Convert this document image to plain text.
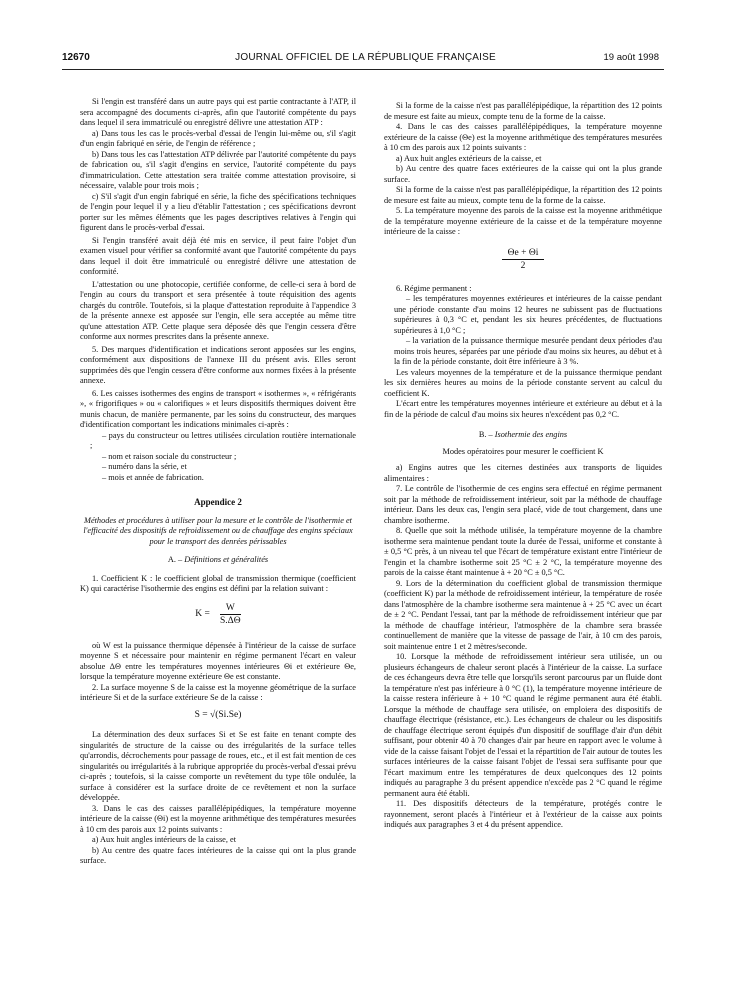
12670	JOURNAL OFFICIEL DE LA RÉPUBLIQUE FRANÇAISE	19 août 1998

Si l'engin est transféré dans un autre pays qui est partie contractante à l'ATP, il sera accompagné des documents ci-après, afin que l'autorité compétente du pays dans lequel il sera immatriculé ou enregistré délivre une attestation ATP :

a) Dans tous les cas le procès-verbal d'essai de l'engin lui-même ou, s'il s'agit d'un engin fabriqué en série, de l'engin de référence ;

b) Dans tous les cas l'attestation ATP délivrée par l'autorité compétente du pays de fabrication ou, s'il s'agit d'engins en service, l'autorité compétente du pays d'immatriculation. Cette attestation sera traitée comme attestation provisoire, si nécessaire, valable pour trois mois ;

c) S'il s'agit d'un engin fabriqué en série, la fiche des spécifications techniques de l'engin pour lequel il y a lieu d'établir l'attestation ; ces spécifications devront porter sur les mêmes éléments que les pages descriptives relatives à l'engin qui figurent dans le procès-verbal d'essai.

Si l'engin transféré avait déjà été mis en service, il peut faire l'objet d'un examen visuel pour vérifier sa conformité avant que l'autorité compétente du pays dans lequel il doit être immatriculé ou enregistré délivre une attestation de conformité.

L'attestation ou une photocopie, certifiée conforme, de celle-ci sera à bord de l'engin au cours du transport et sera présentée à toute réquisition des agents chargés du contrôle. Toutefois, si la plaque d'attestation reproduite à l'appendice 3 de la présente annexe est apposée sur l'engin, elle sera acceptée au même titre qu'une attestation ATP. Cette plaque sera déposée dès que l'engin cessera d'être conforme aux normes prescrites dans la présente annexe.

5. Des marques d'identification et indications seront apposées sur les engins, conformément aux dispositions de l'annexe III du présent avis. Elles seront supprimées dès que l'engin cessera d'être conforme aux normes fixées à la présente annexe.

6. Les caisses isothermes des engins de transport « isothermes », « réfrigérants », « frigorifiques » ou « calorifiques » et leurs dispositifs thermiques doivent être munis chacun, de manière permanente, par les soins du constructeur, des marques d'identification comportant les indications minimales ci-après :

– pays du constructeur ou lettres utilisées circulation routière internationale ;

– nom et raison sociale du constructeur ;

– numéro dans la série, et

– mois et année de fabrication.

Appendice 2
Méthodes et procédures à utiliser pour la mesure et le contrôle de l'isothermie et l'efficacité des dispositifs de refroidissement ou de chauffage des engins spéciaux pour le transport des denrées périssables
A. – Définitions et généralités

1. Coefficient K : le coefficient global de transmission thermique (coefficient K) qui caractérise l'isothermie des engins est défini par la relation suivant :

$K = \frac{W}{S.\Delta\Theta}$

où W est la puissance thermique dépensée à l'intérieur de la caisse de surface moyenne S et nécessaire pour maintenir en régime permanent l'écart en valeur absolue ΔΘ entre les températures moyennes intérieures Θi et extérieure Θe, lorsque la température moyenne extérieure Θe est constante.

2. La surface moyenne S de la caisse est la moyenne géométrique de la surface intérieure Si et de la surface extérieure Se de la caisse :

S = √(Si.Se)

La détermination des deux surfaces Si et Se est faite en tenant compte des singularités de structure de la caisse ou des irrégularités de la surface telles qu'arrondis, décrochements pour passage de roues, etc., et il est fait mention de ces singularités ou irrégularités à la rubrique appropriée du procès-verbal d'essai prévu ci-après ; toutefois, si la caisse comporte un revêtement du type tôle ondulée, la surface à considérer est la surface droite de ce revêtement et non la surface développée.

3. Dans le cas des caisses parallélépipédiques, la température moyenne intérieure de la caisse (Θi) est la moyenne arithmétique des températures mesurées à 10 cm des parois aux 12 points suivants :

a) Aux huit angles intérieurs de la caisse, et

b) Au centre des quatre faces intérieures de la caisse qui ont la plus grande surface.

Si la forme de la caisse n'est pas parallélépipédique, la répartition des 12 points de mesure est faite au mieux, compte tenu de la forme de la caisse.

4. Dans le cas des caisses parallélépipédiques, la température moyenne extérieure de la caisse (Θe) est la moyenne arithmétique des températures mesurées à 10 cm des parois aux 12 points suivants :

a) Aux huit angles extérieurs de la caisse, et

b) Au centre des quatre faces extérieures de la caisse qui ont la plus grande surface.

Si la forme de la caisse n'est pas parallélépipédique, la répartition des 12 points de mesure est faite au mieux, compte tenu de la forme de la caisse.

5. La température moyenne des parois de la caisse est la moyenne arithmétique de la température moyenne extérieure de la caisse et de la température moyenne intérieure de la caisse :

$\frac{\Theta e + \Theta i}{2}$

6. Régime permanent :

– les températures moyennes extérieures et intérieures de la caisse pendant une période constante d'au moins 12 heures ne subissent pas de fluctuations supérieures à 0,3 °C et, pendant les six heures précédentes, de fluctuations supérieures à 1,0 °C ;

– la variation de la puissance thermique mesurée pendant deux périodes d'au moins trois heures, séparées par une période d'au moins six heures, au début et à la fin de la période constante, doit être inférieure à 3 %.

Les valeurs moyennes de la température et de la puissance thermique pendant les six dernières heures au moins de la période constante servent au calcul du coefficient K.

L'écart entre les températures moyennes intérieure et extérieure au début et à la fin de la période de calcul d'au moins six heures n'excédent pas 0,2 °C.

B. – Isothermie des engins
Modes opératoires pour mesurer le coefficient K

a) Engins autres que les citernes destinées aux transports de liquides alimentaires :

7. Le contrôle de l'isothermie de ces engins sera effectué en régime permanent soit par la méthode de refroidissement intérieur, soit par la méthode de chauffage intérieur. Dans les deux cas, l'engin sera placé, vide de tout chargement, dans une chambre isotherme.

8. Quelle que soit la méthode utilisée, la température moyenne de la chambre isotherme sera maintenue pendant toute la durée de l'essai, uniforme et constante à ± 0,5 °C près, à un niveau tel que l'écart de température existant entre l'intérieur de l'engin et la chambre isotherme soit 25 °C ± 2 °C, la température moyenne des parois de la caisse étant maintenue à + 20 °C ± 0,5 °C.

9. Lors de la détermination du coefficient global de transmission thermique (coefficient K) par la méthode de refroidissement intérieur, la température de rosée dans l'atmosphère de la chambre isotherme sera maintenue à + 25 °C avec un écart de ± 2 °C. Pendant l'essai, tant par la méthode de refroidissement intérieur que par la méthode de chauffage intérieur, l'atmosphère de la chambre sera brassée continuellement de manière que la vitesse de passage de l'air, à 10 cm des parois, soit maintenue entre 1 et 2 mètres/seconde.

10. Lorsque la méthode de refroidissement intérieur sera utilisée, un ou plusieurs échangeurs de chaleur seront placés à l'intérieur de la caisse. La surface de ces échangeurs devra être telle que lorsqu'ils seront parcourus par un fluide dont la température n'est pas inférieure à 0 °C (1), la température moyenne intérieure de la caisse restera inférieure à + 10 °C quand le régime permanent aura été établi. Lorsque la méthode de chauffage sera utilisée, on emploiera des dispositifs de chauffage électrique (résistance, etc.). Les échangeurs de chaleur ou les dispositifs de chauffage électrique seront équipés d'un dispositif de soufflage d'air d'un débit suffisant, pour obtenir 40 à 70 changes d'air par heure en rapport avec le volume à vide de la caisse faisant l'objet de l'essai et la répartition de l'air autour de toutes les surfaces intérieures de la caisse faisant l'objet de l'essai sera suffisante pour que l'écart maximum entre les températures de deux quelconques des 12 points indiqués au paragraphe 3 du présent appendice n'excède pas 2 °C quand le régime permanent aura été établi.

11. Des dispositifs détecteurs de la température, protégés contre le rayonnement, seront placés à l'intérieur et à l'extérieur de la caisse aux points indiqués aux paragraphes 3 et 4 du présent appendice.
